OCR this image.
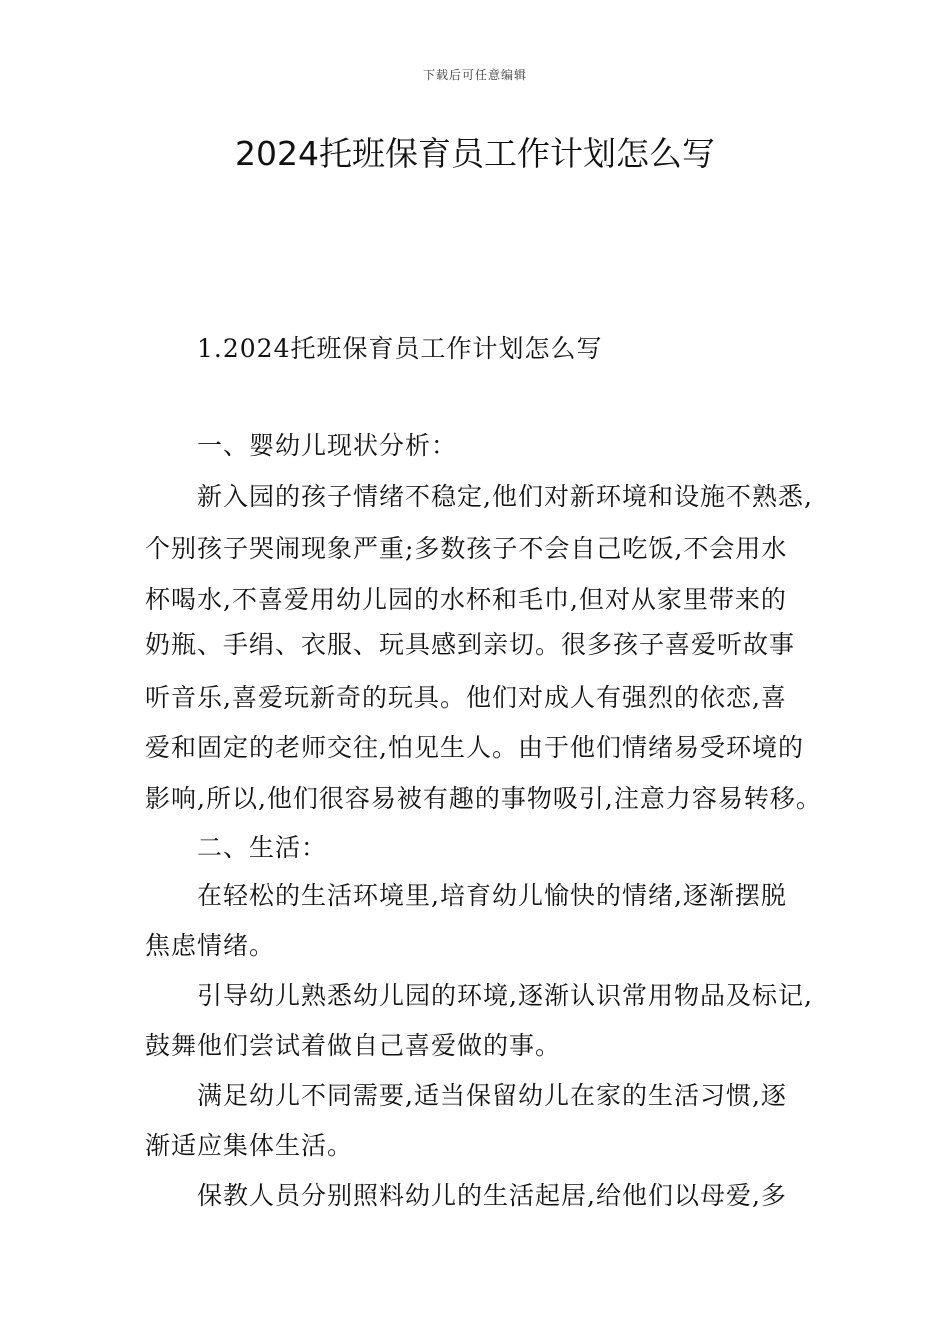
下载后可任意编辑
2024托班保育员工作计划怎么写
1.2024托班保育员工作计划怎么写
一、婴幼儿现状分析：
新入园的孩子情绪不稳定,他们对新环境和设施不熟悉,
个别孩子哭闹现象严重;多数孩子不会自己吃饭,不会用水
杯喝水,不喜爱用幼儿园的水杯和毛巾,但对从家里带来的
奶瓶、手绢、衣服、玩具感到亲切。很多孩子喜爱听故事
听音乐,喜爱玩新奇的玩具。他们对成人有强烈的依恋,喜
爱和固定的老师交往,怕见生人。由于他们情绪易受环境的
影响,所以,他们很容易被有趣的事物吸引,注意力容易转移。
二、生活：
在轻松的生活环境里,培育幼儿愉快的情绪,逐渐摆脱
焦虑情绪。
引导幼儿熟悉幼儿园的环境,逐渐认识常用物品及标记,
鼓舞他们尝试着做自己喜爱做的事。
满足幼儿不同需要,适当保留幼儿在家的生活习惯,逐
渐适应集体生活。
保教人员分别照料幼儿的生活起居,给他们以母爱,多
